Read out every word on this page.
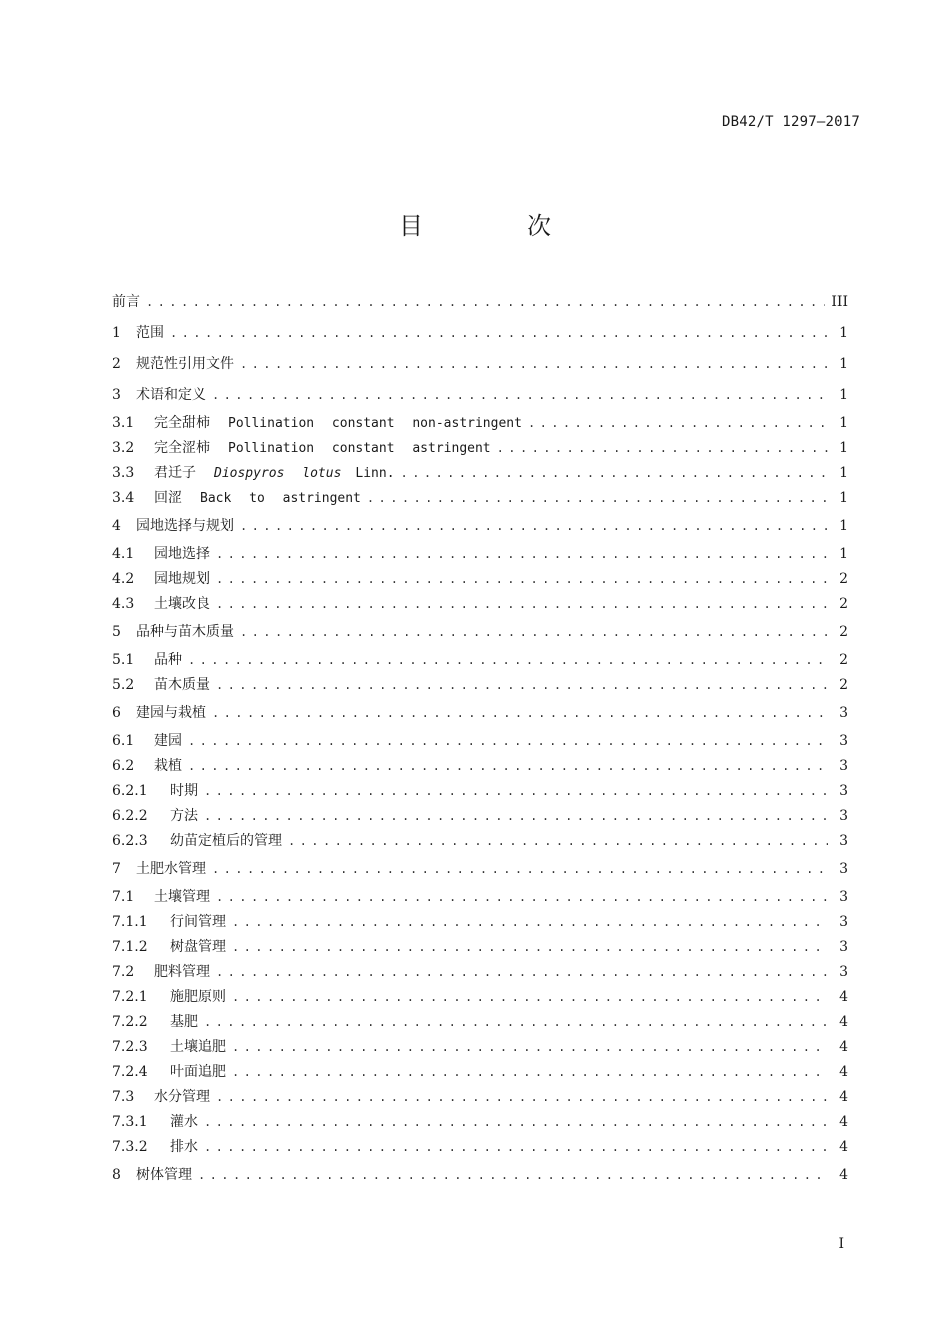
DB42/T 1297—2017
目　次
前言 . . .	III
1 范围 . . .	1
2 规范性引用文件 . . .	1
3 术语和定义 . . .	1
3.1 完全甜柿 Pollination constant non-astringent . . .	1
3.2 完全涩柿 Pollination constant astringent . . .	1
3.3 君迁子 Diospyros lotus Linn. . . .	1
3.4 回涩 Back to astringent . . .	1
4 园地选择与规划 . . .	1
4.1 园地选择 . . .	1
4.2 园地规划 . . .	2
4.3 土壤改良 . . .	2
5 品种与苗木质量 . . .	2
5.1 品种 . . .	2
5.2 苗木质量 . . .	2
6 建园与栽植 . . .	3
6.1 建园 . . .	3
6.2 栽植 . . .	3
6.2.1 时期 . . .	3
6.2.2 方法 . . .	3
6.2.3 幼苗定植后的管理 . . .	3
7 土肥水管理 . . .	3
7.1 土壤管理 . . .	3
7.1.1 行间管理 . . .	3
7.1.2 树盘管理 . . .	3
7.2 肥料管理 . . .	3
7.2.1 施肥原则 . . .	4
7.2.2 基肥 . . .	4
7.2.3 土壤追肥 . . .	4
7.2.4 叶面追肥 . . .	4
7.3 水分管理 . . .	4
7.3.1 灌水 . . .	4
7.3.2 排水 . . .	4
8 树体管理 . . .	4
I
